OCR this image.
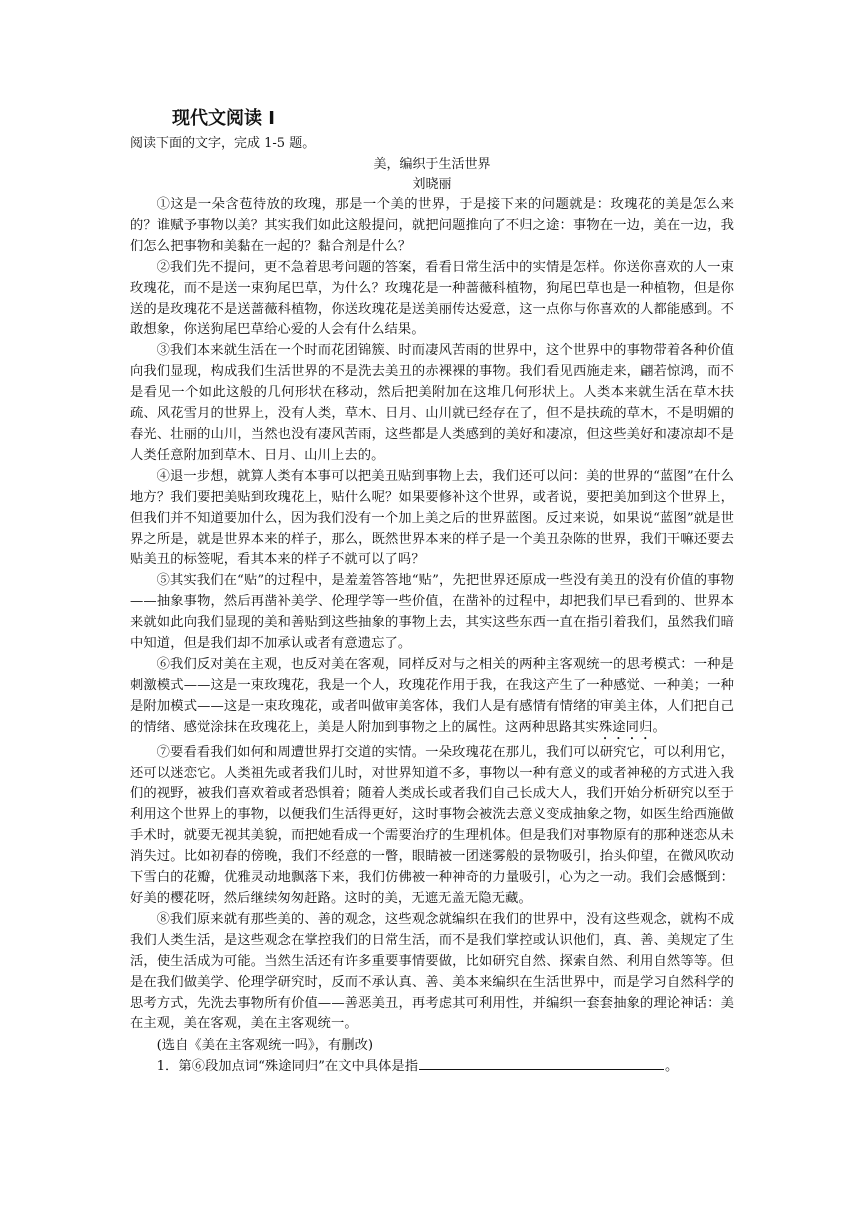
现代文阅读 I

阅读下面的文字，完成 1-5 题。

美，编织于生活世界

刘晓丽

①这是一朵含苞待放的玫瑰，那是一个美的世界，于是接下来的问题就是：玫瑰花的美是怎么来的？谁赋予事物以美？其实我们如此这般提问，就把问题推向了不归之途：事物在一边，美在一边，我们怎么把事物和美黏在一起的？黏合剂是什么？

②我们先不提问，更不急着思考问题的答案，看看日常生活中的实情是怎样。你送你喜欢的人一束玫瑰花，而不是送一束狗尾巴草，为什么？玫瑰花是一种蔷薇科植物，狗尾巴草也是一种植物，但是你送的是玫瑰花不是送蔷薇科植物，你送玫瑰花是送美丽传达爱意，这一点你与你喜欢的人都能感到。不敢想象，你送狗尾巴草给心爱的人会有什么结果。

③我们本来就生活在一个时而花团锦簇、时而凄风苦雨的世界中，这个世界中的事物带着各种价值向我们显现，构成我们生活世界的不是洗去美丑的赤裸裸的事物。我们看见西施走来，翩若惊鸿，而不是看见一个如此这般的几何形状在移动，然后把美附加在这堆几何形状上。人类本来就生活在草木扶疏、风花雪月的世界上，没有人类，草木、日月、山川就已经存在了，但不是扶疏的草木，不是明媚的春光、壮丽的山川，当然也没有凄风苦雨，这些都是人类感到的美好和凄凉，但这些美好和凄凉却不是人类任意附加到草木、日月、山川上去的。

④退一步想，就算人类有本事可以把美丑贴到事物上去，我们还可以问：美的世界的“蓝图”在什么地方？我们要把美贴到玫瑰花上，贴什么呢？如果要修补这个世界，或者说，要把美加到这个世界上，但我们并不知道要加什么，因为我们没有一个加上美之后的世界蓝图。反过来说，如果说“蓝图”就是世界之所是，就是世界本来的样子，那么，既然世界本来的样子是一个美丑杂陈的世界，我们干嘛还要去贴美丑的标签呢，看其本来的样子不就可以了吗？

⑤其实我们在“贴”的过程中，是羞羞答答地“贴”，先把世界还原成一些没有美丑的没有价值的事物——抽象事物，然后再凿补美学、伦理学等一些价值，在凿补的过程中，却把我们早已看到的、世界本来就如此向我们显现的美和善贴到这些抽象的事物上去，其实这些东西一直在指引着我们，虽然我们暗中知道，但是我们却不加承认或者有意遗忘了。

⑥我们反对美在主观，也反对美在客观，同样反对与之相关的两种主客观统一的思考模式：一种是刺激模式——这是一束玫瑰花，我是一个人，玫瑰花作用于我，在我这产生了一种感觉、一种美；一种是附加模式——这是一束玫瑰花，或者叫做审美客体，我们人是有感情有情绪的审美主体，人们把自己的情绪、感觉涂抹在玫瑰花上，美是人附加到事物之上的属性。这两种思路其实殊途同归。

⑦要看看我们如何和周遭世界打交道的实情。一朵玫瑰花在那儿，我们可以研究它，可以利用它，还可以迷恋它。人类祖先或者我们儿时，对世界知道不多，事物以一种有意义的或者神秘的方式进入我们的视野，被我们喜欢着或者恐惧着；随着人类成长或者我们自己长成大人，我们开始分析研究以至于利用这个世界上的事物，以便我们生活得更好，这时事物会被洗去意义变成抽象之物，如医生给西施做手术时，就要无视其美貌，而把她看成一个需要治疗的生理机体。但是我们对事物原有的那种迷恋从未消失过。比如初春的傍晚，我们不经意的一瞥，眼睛被一团迷雾般的景物吸引，抬头仰望，在微风吹动下雪白的花瓣，优雅灵动地飘落下来，我们仿佛被一种神奇的力量吸引，心为之一动。我们会感慨到：好美的樱花呀，然后继续匆匆赶路。这时的美，无遮无盖无隐无藏。

⑧我们原来就有那些美的、善的观念，这些观念就编织在我们的世界中，没有这些观念，就构不成我们人类生活，是这些观念在掌控我们的日常生活，而不是我们掌控或认识他们，真、善、美规定了生活，使生活成为可能。当然生活还有许多重要事情要做，比如研究自然、探索自然、利用自然等等。但是在我们做美学、伦理学研究时，反而不承认真、善、美本来编织在生活世界中，而是学习自然科学的思考方式，先洗去事物所有价值——善恶美丑，再考虑其可利用性，并编织一套套抽象的理论神话：美在主观，美在客观，美在主客观统一。

(选自《美在主客观统一吗》，有删改)

1．第⑥段加点词“殊途同归”在文中具体是指	。
